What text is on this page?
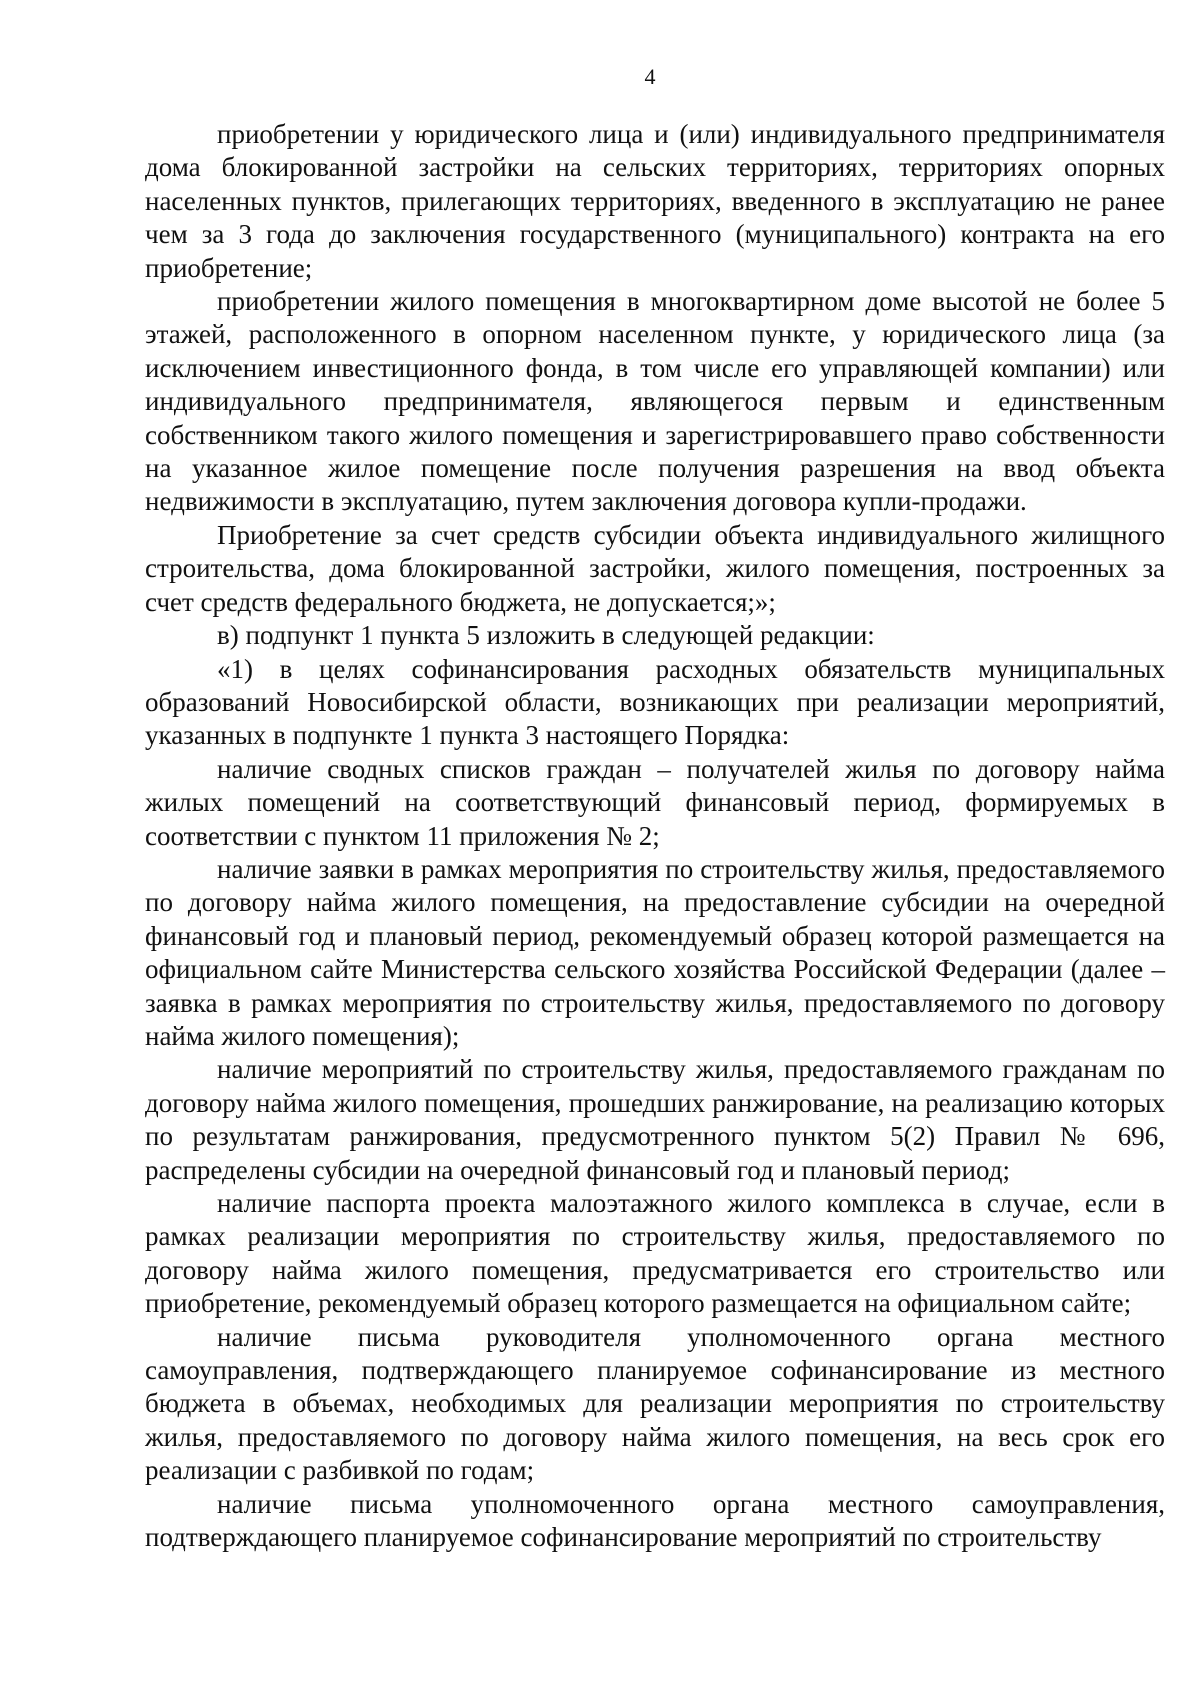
4

приобретении у юридического лица и (или) индивидуального предпринимателя дома блокированной застройки на сельских территориях, территориях опорных населенных пунктов, прилегающих территориях, введенного в эксплуатацию не ранее чем за 3 года до заключения государственного (муниципального) контракта на его приобретение;

приобретении жилого помещения в многоквартирном доме высотой не более 5 этажей, расположенного в опорном населенном пункте, у юридического лица (за исключением инвестиционного фонда, в том числе его управляющей компании) или индивидуального предпринимателя, являющегося первым и единственным собственником такого жилого помещения и зарегистрировавшего право собственности на указанное жилое помещение после получения разрешения на ввод объекта недвижимости в эксплуатацию, путем заключения договора купли-продажи.

Приобретение за счет средств субсидии объекта индивидуального жилищного строительства, дома блокированной застройки, жилого помещения, построенных за счет средств федерального бюджета, не допускается;»;

в) подпункт 1 пункта 5 изложить в следующей редакции:

«1) в целях софинансирования расходных обязательств муниципальных образований Новосибирской области, возникающих при реализации мероприятий, указанных в подпункте 1 пункта 3 настоящего Порядка:

наличие сводных списков граждан – получателей жилья по договору найма жилых помещений на соответствующий финансовый период, формируемых в соответствии с пунктом 11 приложения № 2;

наличие заявки в рамках мероприятия по строительству жилья, предоставляемого по договору найма жилого помещения, на предоставление субсидии на очередной финансовый год и плановый период, рекомендуемый образец которой размещается на официальном сайте Министерства сельского хозяйства Российской Федерации (далее – заявка в рамках мероприятия по строительству жилья, предоставляемого по договору найма жилого помещения);

наличие мероприятий по строительству жилья, предоставляемого гражданам по договору найма жилого помещения, прошедших ранжирование, на реализацию которых по результатам ранжирования, предусмотренного пунктом 5(2) Правил № 696, распределены субсидии на очередной финансовый год и плановый период;

наличие паспорта проекта малоэтажного жилого комплекса в случае, если в рамках реализации мероприятия по строительству жилья, предоставляемого по договору найма жилого помещения, предусматривается его строительство или приобретение, рекомендуемый образец которого размещается на официальном сайте;

наличие письма руководителя уполномоченного органа местного самоуправления, подтверждающего планируемое софинансирование из местного бюджета в объемах, необходимых для реализации мероприятия по строительству жилья, предоставляемого по договору найма жилого помещения, на весь срок его реализации с разбивкой по годам;

наличие письма уполномоченного органа местного самоуправления, подтверждающего планируемое софинансирование мероприятий по строительству
